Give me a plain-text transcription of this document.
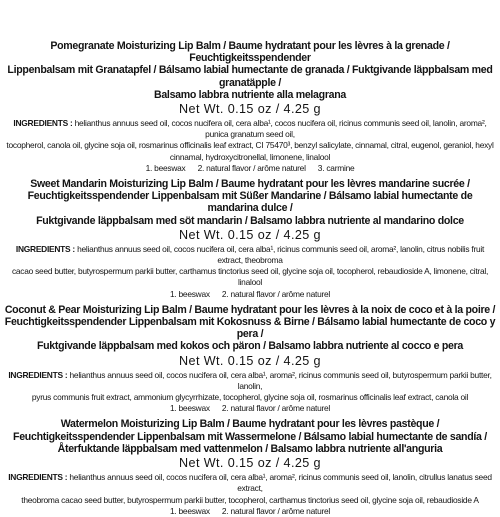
Pomegranate Moisturizing Lip Balm / Baume hydratant pour les lèvres à la grenade / Feuchtigkeitsspendender
Lippenbalsam mit Granatapfel / Bálsamo labial humectante de granada / Fuktgivande läppbalsam med granatäpple /
Balsamo labbra nutriente alla melagrana

Net Wt. 0.15 oz / 4.25 g

INGREDIENTS : helianthus annuus seed oil, cocos nucifera oil, cera alba¹, cocos nucifera oil, ricinus communis seed oil, lanolin, aroma², punica granatum seed oil,
tocopherol, canola oil, glycine soja oil, rosmarinus officinalis leaf extract, CI 75470³, benzyl salicylate, cinnamal, citral, eugenol, geraniol, hexyl
cinnamal, hydroxycitronellal, limonene, linalool

1. beeswax 2. natural flavor / arôme naturel 3. carmine

Sweet Mandarin Moisturizing Lip Balm / Baume hydratant pour les lèvres mandarine sucrée /
Feuchtigkeitsspendender Lippenbalsam mit Süßer Mandarine / Bálsamo labial humectante de mandarina dulce /
Fuktgivande läppbalsam med söt mandarin / Balsamo labbra nutriente al mandarino dolce

Net Wt. 0.15 oz / 4.25 g

INGREDIENTS : helianthus annuus seed oil, cocos nucifera oil, cera alba¹, ricinus communis seed oil, aroma², lanolin, citrus nobilis fruit extract, theobroma
cacao seed butter, butyrospermum parkii butter, carthamus tinctorius seed oil, glycine soja oil, tocopherol, rebaudioside A, limonene, citral, linalool

1. beeswax 2. natural flavor / arôme naturel

Coconut & Pear Moisturizing Lip Balm / Baume hydratant pour les lèvres à la noix de coco et à la poire /
Feuchtigkeitsspendender Lippenbalsam mit Kokosnuss & Birne / Bálsamo labial humectante de coco y pera /
Fuktgivande läppbalsam med kokos och päron / Balsamo labbra nutriente al cocco e pera

Net Wt. 0.15 oz / 4.25 g

INGREDIENTS : helianthus annuus seed oil, cocos nucifera oil, cera alba¹, aroma², ricinus communis seed oil, butyrospermum parkii butter, lanolin,
pyrus communis fruit extract, ammonium glycyrrhizate, tocopherol, glycine soja oil, rosmarinus officinalis leaf extract, canola oil

1. beeswax 2. natural flavor / arôme naturel

Watermelon Moisturizing Lip Balm / Baume hydratant pour les lèvres pastèque /
Feuchtigkeitsspendender Lippenbalsam mit Wassermelone / Bálsamo labial humectante de sandía /
Återfuktande läppbalsam med vattenmelon / Balsamo labbra nutriente all'anguria

Net Wt. 0.15 oz / 4.25 g

INGREDIENTS : helianthus annuus seed oil, cocos nucifera oil, cera alba¹, aroma², ricinus communis seed oil, lanolin, citrullus lanatus seed extract,
theobroma cacao seed butter, butyrospermum parkii butter, tocopherol, carthamus tinctorius seed oil, glycine soja oil, rebaudioside A

1. beeswax 2. natural flavor / arôme naturel
